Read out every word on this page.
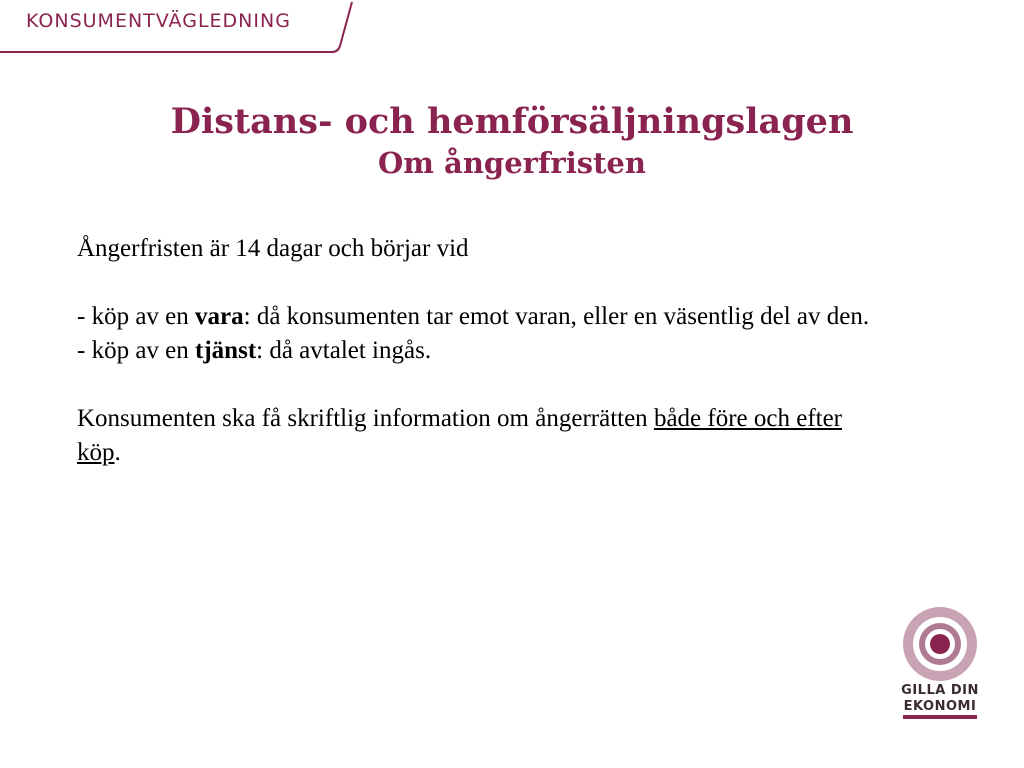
KONSUMENTVÄGLEDNING
Distans- och hemförsäljningslagen
Om ångerfristen

Ångerfristen är 14 dagar och börjar vid

- köp av en vara: då konsumenten tar emot varan, eller en väsentlig del av den.

- köp av en tjänst: då avtalet ingås.

Konsumenten ska få skriftlig information om ångerrätten både före och efter köp.

GILLA DIN
EKONOMI
